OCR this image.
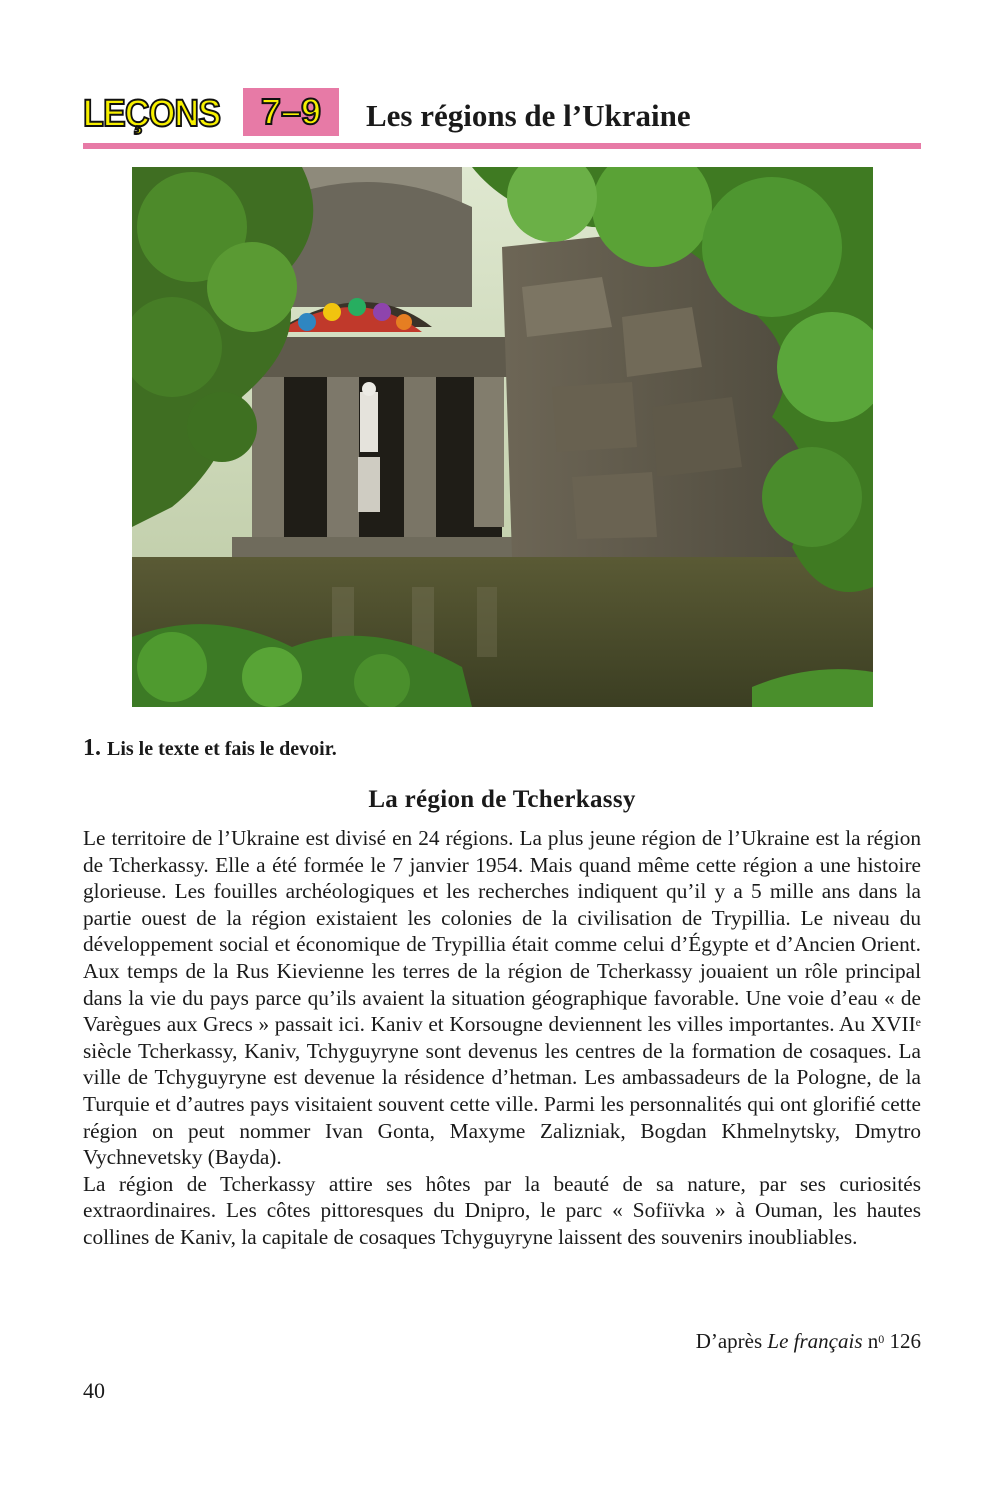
LEÇONS	7–9	Les régions de l’Ukraine
1. Lis le texte et fais le devoir.
La région de Tcherkassy

Le territoire de l’Ukraine est divisé en 24 régions. La plus jeune région de l’Ukraine est la région de Tcherkassy. Elle a été formée le 7 janvier 1954. Mais quand même cette région a une histoire glorieuse. Les fouilles archéologiques et les recherches indiquent qu’il y a 5 mille ans dans la partie ouest de la région existaient les colonies de la civilisation de Trypillia. Le niveau du développement social et économique de Trypillia était comme celui d’Égypte et d’Ancien Orient. Aux temps de la Rus Kievienne les terres de la région de Tcherkassy jouaient un rôle principal dans la vie du pays parce qu’ils avaient la situation géographique favorable. Une voie d’eau « de Varègues aux Grecs » passait ici. Kaniv et Korsougne deviennent les villes importantes. Au XVIIe siècle Tcherkassy, Kaniv, Tchyguyryne sont devenus les centres de la formation de cosaques. La ville de Tchyguyryne est devenue la résidence d’hetman. Les ambassadeurs de la Pologne, de la Turquie et d’autres pays visitaient souvent cette ville. Parmi les personnalités qui ont glorifié cette région on peut nommer Ivan Gonta, Maxyme Zalizniak, Bogdan Khmelnytsky, Dmytro Vychnevetsky (Bayda).

La région de Tcherkassy attire ses hôtes par la beauté de sa nature, par ses curiosités extraordinaires. Les côtes pittoresques du Dnipro, le parc « Sofiïvka » à Ouman, les hautes collines de Kaniv, la capitale de cosaques Tchyguyryne laissent des souvenirs inoubliables.

D’après Le français $n^0$ 126
40
